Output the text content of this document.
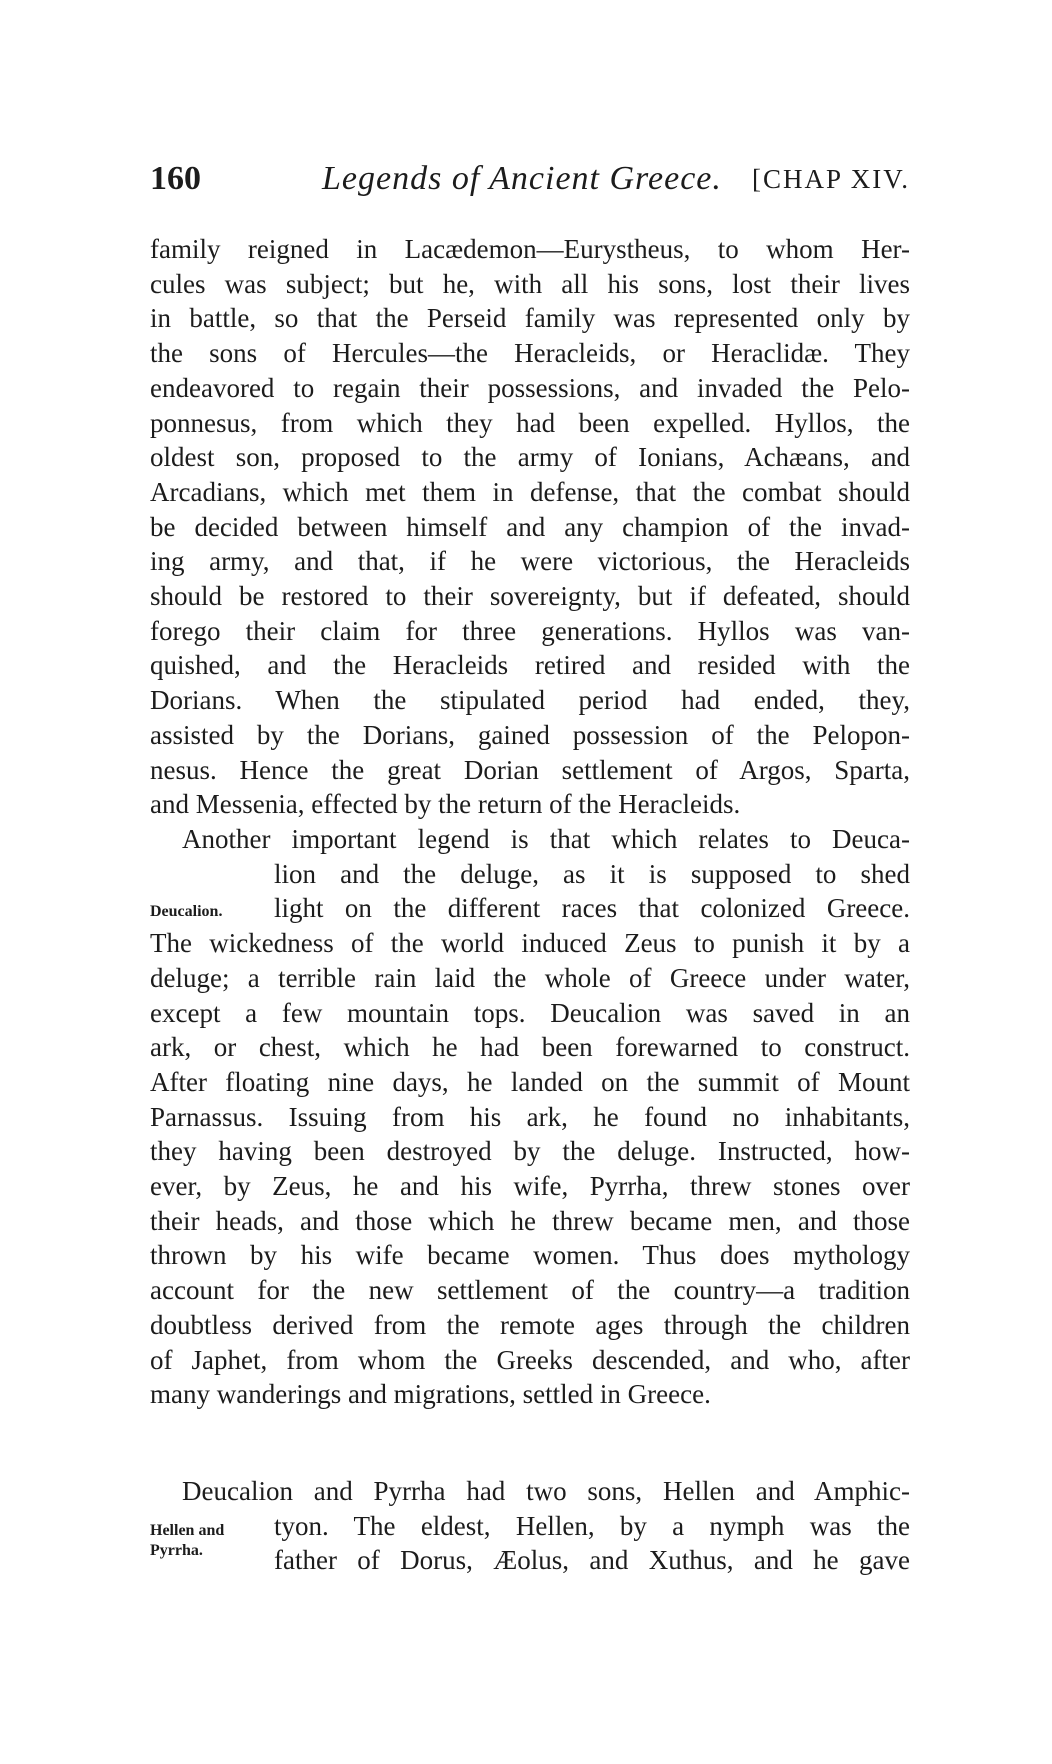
160	Legends of Ancient Greece. [CHAP XIV.
family reigned in Lacædemon—Eurystheus, to whom Her-
cules was subject; but he, with all his sons, lost their lives
in battle, so that the Perseid family was represented only by
the sons of Hercules—the Heracleids, or Heraclidæ. They
endeavored to regain their possessions, and invaded the Pelo-
ponnesus, from which they had been expelled. Hyllos, the
oldest son, proposed to the army of Ionians, Achæans, and
Arcadians, which met them in defense, that the combat should
be decided between himself and any champion of the invad-
ing army, and that, if he were victorious, the Heracleids
should be restored to their sovereignty, but if defeated, should
forego their claim for three generations. Hyllos was van-
quished, and the Heracleids retired and resided with the
Dorians. When the stipulated period had ended, they,
assisted by the Dorians, gained possession of the Pelopon-
nesus. Hence the great Dorian settlement of Argos, Sparta,
and Messenia, effected by the return of the Heracleids.
Deucalion.
Another important legend is that which relates to Deuca-
lion and the deluge, as it is supposed to shed
light on the different races that colonized Greece.
The wickedness of the world induced Zeus to punish it by a
deluge; a terrible rain laid the whole of Greece under water,
except a few mountain tops. Deucalion was saved in an
ark, or chest, which he had been forewarned to construct.
After floating nine days, he landed on the summit of Mount
Parnassus. Issuing from his ark, he found no inhabitants,
they having been destroyed by the deluge. Instructed, how-
ever, by Zeus, he and his wife, Pyrrha, threw stones over
their heads, and those which he threw became men, and those
thrown by his wife became women. Thus does mythology
account for the new settlement of the country—a tradition
doubtless derived from the remote ages through the children
of Japhet, from whom the Greeks descended, and who, after
many wanderings and migrations, settled in Greece.
Hellen and Pyrrha.
Deucalion and Pyrrha had two sons, Hellen and Amphic-
tyon. The eldest, Hellen, by a nymph was the
father of Dorus, Æolus, and Xuthus, and he gave
